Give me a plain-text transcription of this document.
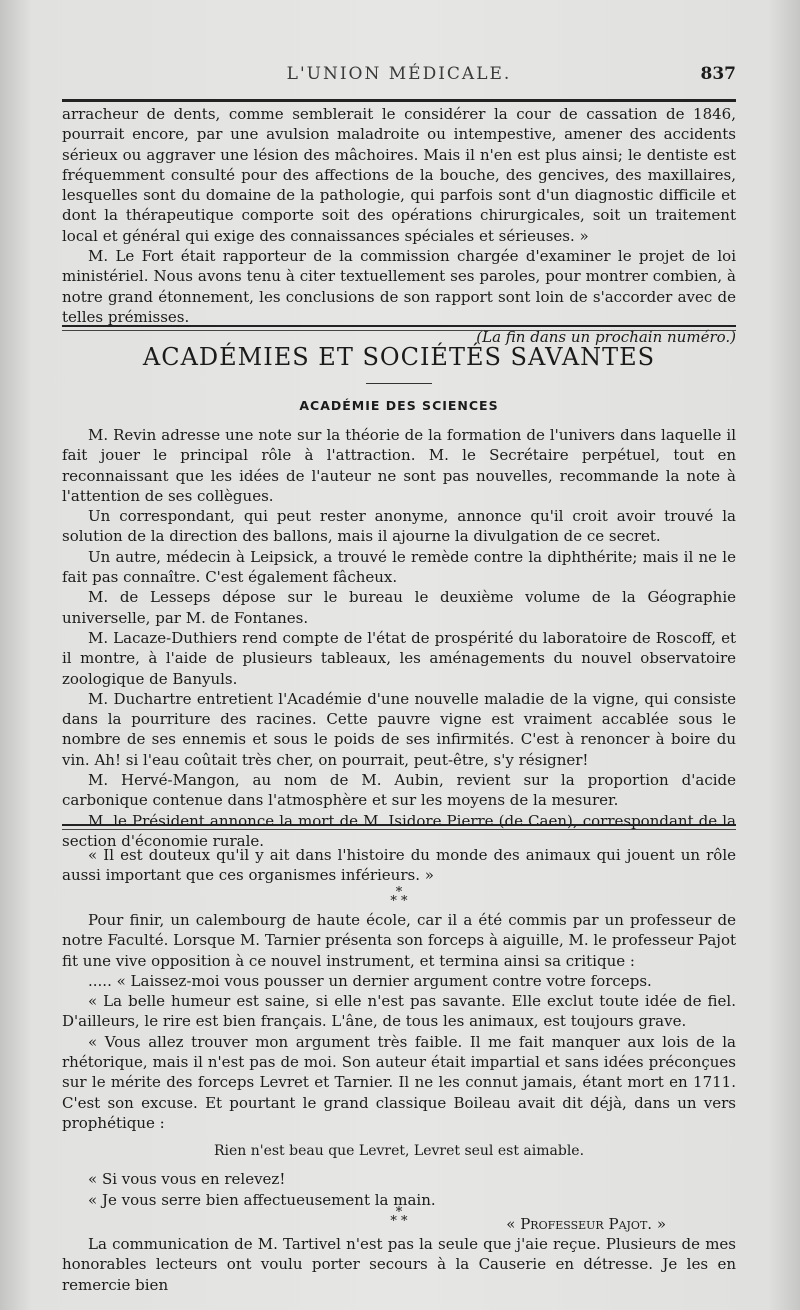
L'UNION MÉDICALE.	837

arracheur de dents, comme semblerait le considérer la cour de cassation de 1846, pourrait encore, par une avulsion maladroite ou intempestive, amener des accidents sérieux ou aggraver une lésion des mâchoires. Mais il n'en est plus ainsi; le dentiste est fréquemment consulté pour des affections de la bouche, des gencives, des maxillaires, lesquelles sont du domaine de la pathologie, qui parfois sont d'un diagnostic difficile et dont la thérapeutique comporte soit des opérations chirurgicales, soit un traitement local et général qui exige des connaissances spéciales et sérieuses. »

M. Le Fort était rapporteur de la commission chargée d'examiner le projet de loi ministériel. Nous avons tenu à citer textuellement ses paroles, pour montrer combien, à notre grand étonnement, les conclusions de son rapport sont loin de s'accorder avec de telles prémisses.

(La fin dans un prochain numéro.)

ACADÉMIES ET SOCIÉTÉS SAVANTES
ACADÉMIE DES SCIENCES

M. Revin adresse une note sur la théorie de la formation de l'univers dans laquelle il fait jouer le principal rôle à l'attraction. M. le Secrétaire perpétuel, tout en reconnaissant que les idées de l'auteur ne sont pas nouvelles, recommande la note à l'attention de ses collègues.

Un correspondant, qui peut rester anonyme, annonce qu'il croit avoir trouvé la solution de la direction des ballons, mais il ajourne la divulgation de ce secret.

Un autre, médecin à Leipsick, a trouvé le remède contre la diphthérite; mais il ne le fait pas connaître. C'est également fâcheux.

M. de Lesseps dépose sur le bureau le deuxième volume de la Géographie universelle, par M. de Fontanes.

M. Lacaze-Duthiers rend compte de l'état de prospérité du laboratoire de Roscoff, et il montre, à l'aide de plusieurs tableaux, les aménagements du nouvel observatoire zoologique de Banyuls.

M. Duchartre entretient l'Académie d'une nouvelle maladie de la vigne, qui consiste dans la pourriture des racines. Cette pauvre vigne est vraiment accablée sous le nombre de ses ennemis et sous le poids de ses infirmités. C'est à renoncer à boire du vin. Ah! si l'eau coûtait très cher, on pourrait, peut-être, s'y résigner!

M. Hervé-Mangon, au nom de M. Aubin, revient sur la proportion d'acide carbonique contenue dans l'atmosphère et sur les moyens de la mesurer.

M. le Président annonce la mort de M. Isidore Pierre (de Caen), correspondant de la section d'économie rurale.

« Il est douteux qu'il y ait dans l'histoire du monde des animaux qui jouent un rôle aussi important que ces organismes inférieurs. »

*
* *

Pour finir, un calembourg de haute école, car il a été commis par un professeur de notre Faculté. Lorsque M. Tarnier présenta son forceps à aiguille, M. le professeur Pajot fit une vive opposition à ce nouvel instrument, et termina ainsi sa critique :

..... « Laissez-moi vous pousser un dernier argument contre votre forceps.

« La belle humeur est saine, si elle n'est pas savante. Elle exclut toute idée de fiel. D'ailleurs, le rire est bien français. L'âne, de tous les animaux, est toujours grave.

« Vous allez trouver mon argument très faible. Il me fait manquer aux lois de la rhétorique, mais il n'est pas de moi. Son auteur était impartial et sans idées préconçues sur le mérite des forceps Levret et Tarnier. Il ne les connut jamais, étant mort en 1711. C'est son excuse. Et pourtant le grand classique Boileau avait dit déjà, dans un vers prophétique :

Rien n'est beau que Levret, Levret seul est aimable.

« Si vous vous en relevez!

« Je vous serre bien affectueusement la main.

« Professeur Pajot. »

*
* *

La communication de M. Tartivel n'est pas la seule que j'aie reçue. Plusieurs de mes honorables lecteurs ont voulu porter secours à la Causerie en détresse. Je les en remercie bien
